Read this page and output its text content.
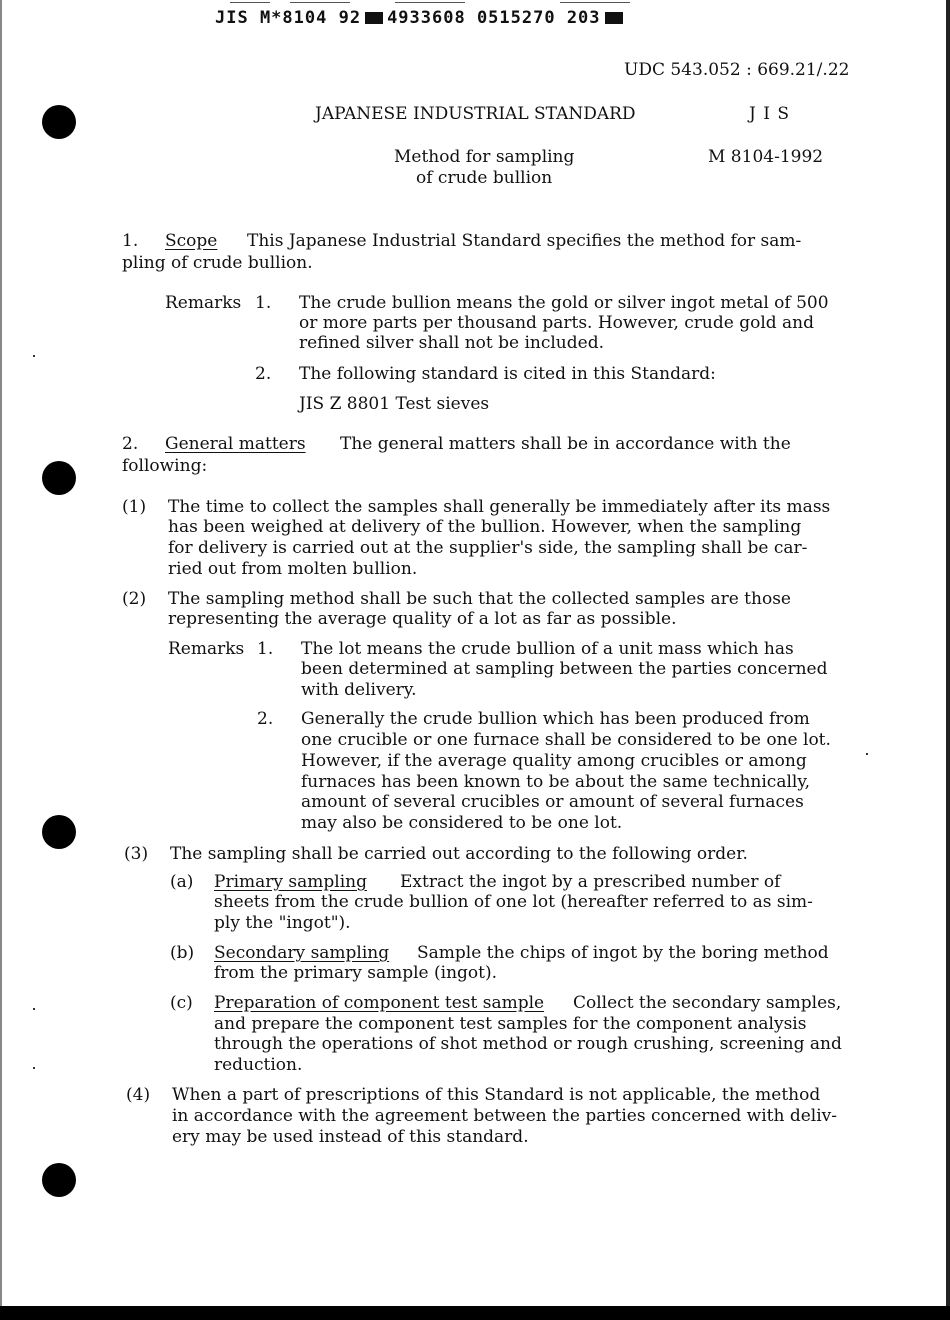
JIS M*8104 92 4933608 0515270 203
UDC 543.052 : 669.21/.22
JAPANESE INDUSTRIAL STANDARD	J I S
Method for sampling
of crude bullion
M 8104-1992
1. Scope This Japanese Industrial Standard specifies the method for sam-
pling of crude bullion.
Remarks 1. The crude bullion means the gold or silver ingot metal of 500
or more parts per thousand parts. However, crude gold and
refined silver shall not be included.
2. The following standard is cited in this Standard:
JIS Z 8801 Test sieves
2. General matters The general matters shall be in accordance with the
following:
(1) The time to collect the samples shall generally be immediately after its mass
has been weighed at delivery of the bullion. However, when the sampling
for delivery is carried out at the supplier's side, the sampling shall be car-
ried out from molten bullion.
(2) The sampling method shall be such that the collected samples are those
representing the average quality of a lot as far as possible.
Remarks 1. The lot means the crude bullion of a unit mass which has
been determined at sampling between the parties concerned
with delivery.
2. Generally the crude bullion which has been produced from
one crucible or one furnace shall be considered to be one lot.
However, if the average quality among crucibles or among
furnaces has been known to be about the same technically,
amount of several crucibles or amount of several furnaces
may also be considered to be one lot.
(3) The sampling shall be carried out according to the following order.
(a) Primary sampling Extract the ingot by a prescribed number of
sheets from the crude bullion of one lot (hereafter referred to as sim-
ply the "ingot").
(b) Secondary sampling Sample the chips of ingot by the boring method
from the primary sample (ingot).
(c) Preparation of component test sample Collect the secondary samples,
and prepare the component test samples for the component analysis
through the operations of shot method or rough crushing, screening and
reduction.
(4) When a part of prescriptions of this Standard is not applicable, the method
in accordance with the agreement between the parties concerned with deliv-
ery may be used instead of this standard.
